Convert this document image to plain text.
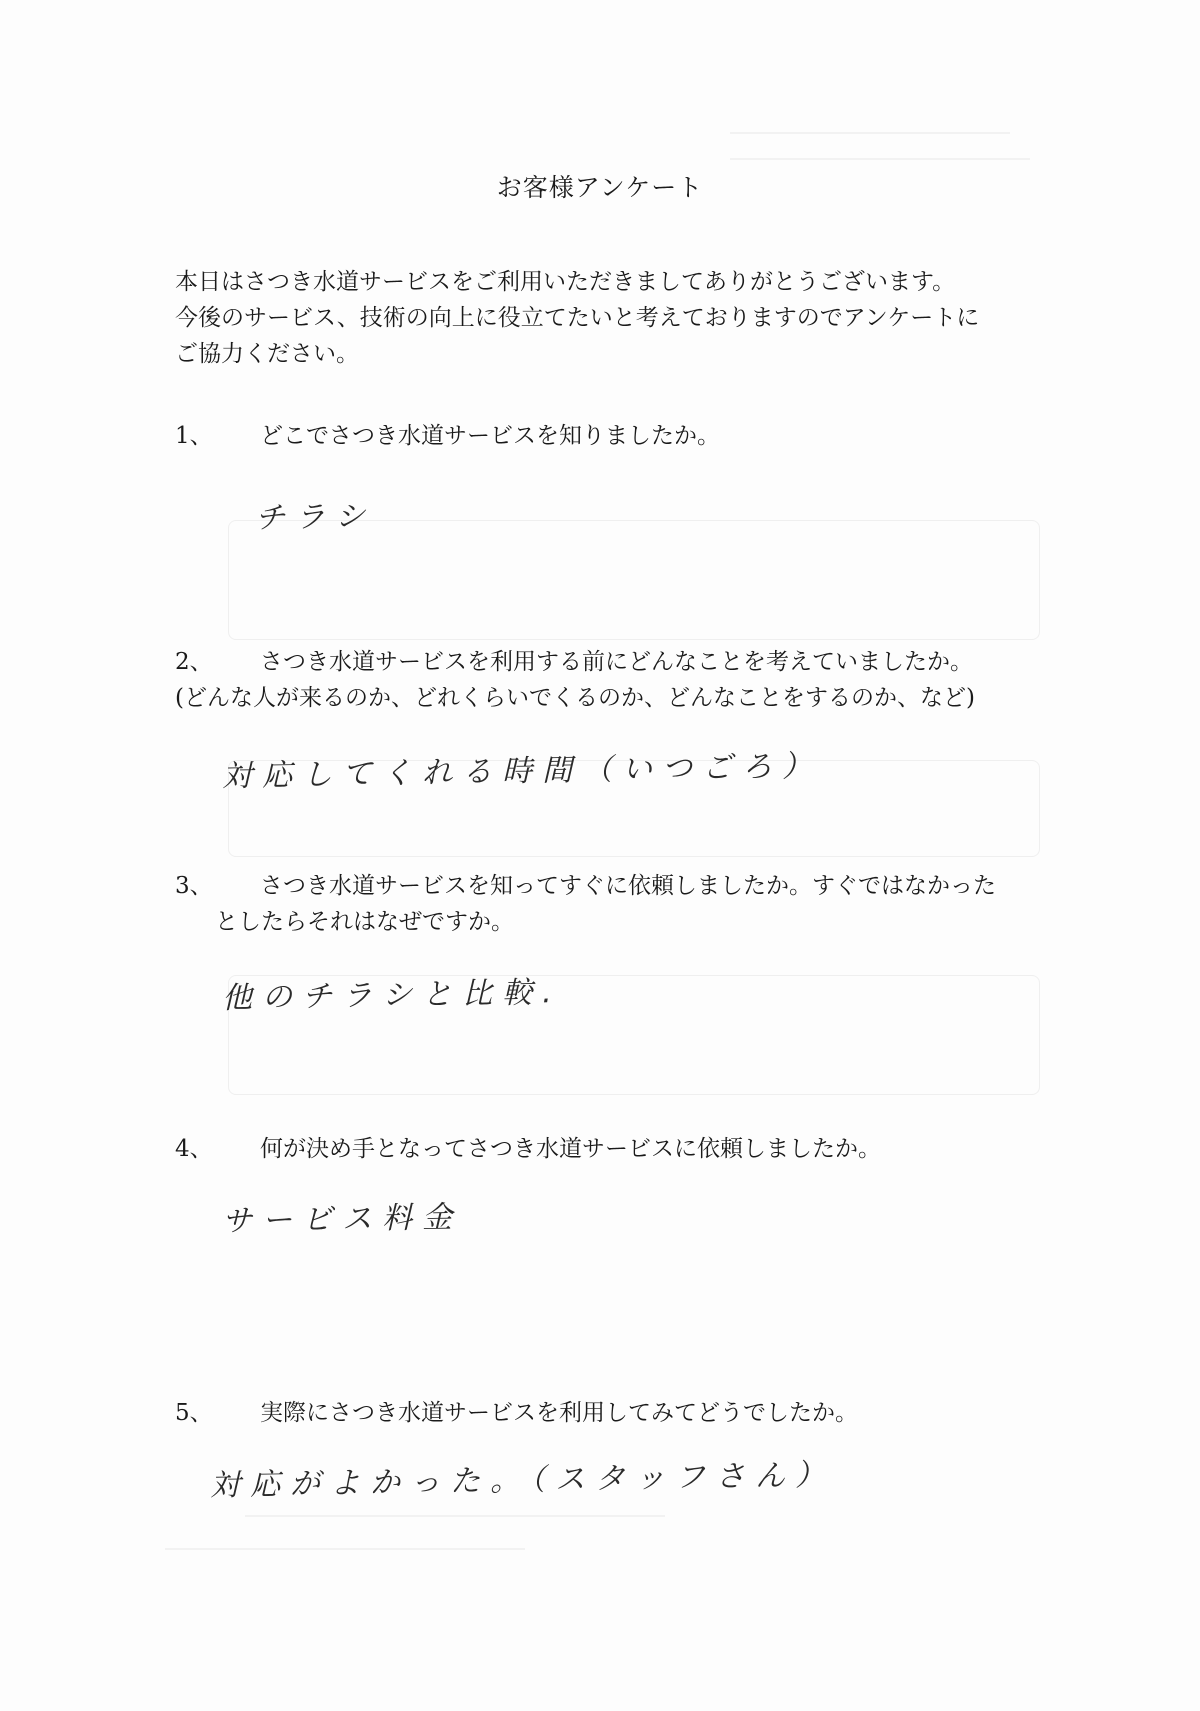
お客様アンケート
本日はさつき水道サービスをご利用いただきましてありがとうございます。
今後のサービス、技術の向上に役立てたいと考えておりますのでアンケートに
ご協力ください。
1、	どこでさつき水道サービスを知りましたか。
チラシ
2、	さつき水道サービスを利用する前にどんなことを考えていましたか。
(どんな人が来るのか、どれくらいでくるのか、どんなことをするのか、など)
対応してくれる時間（いつごろ）
3、	さつき水道サービスを知ってすぐに依頼しましたか。すぐではなかった
としたらそれはなぜですか。
他のチラシと比較.
4、	何が決め手となってさつき水道サービスに依頼しましたか。
サービス料金
5、	実際にさつき水道サービスを利用してみてどうでしたか。
対応がよかった。（スタッフさん）
